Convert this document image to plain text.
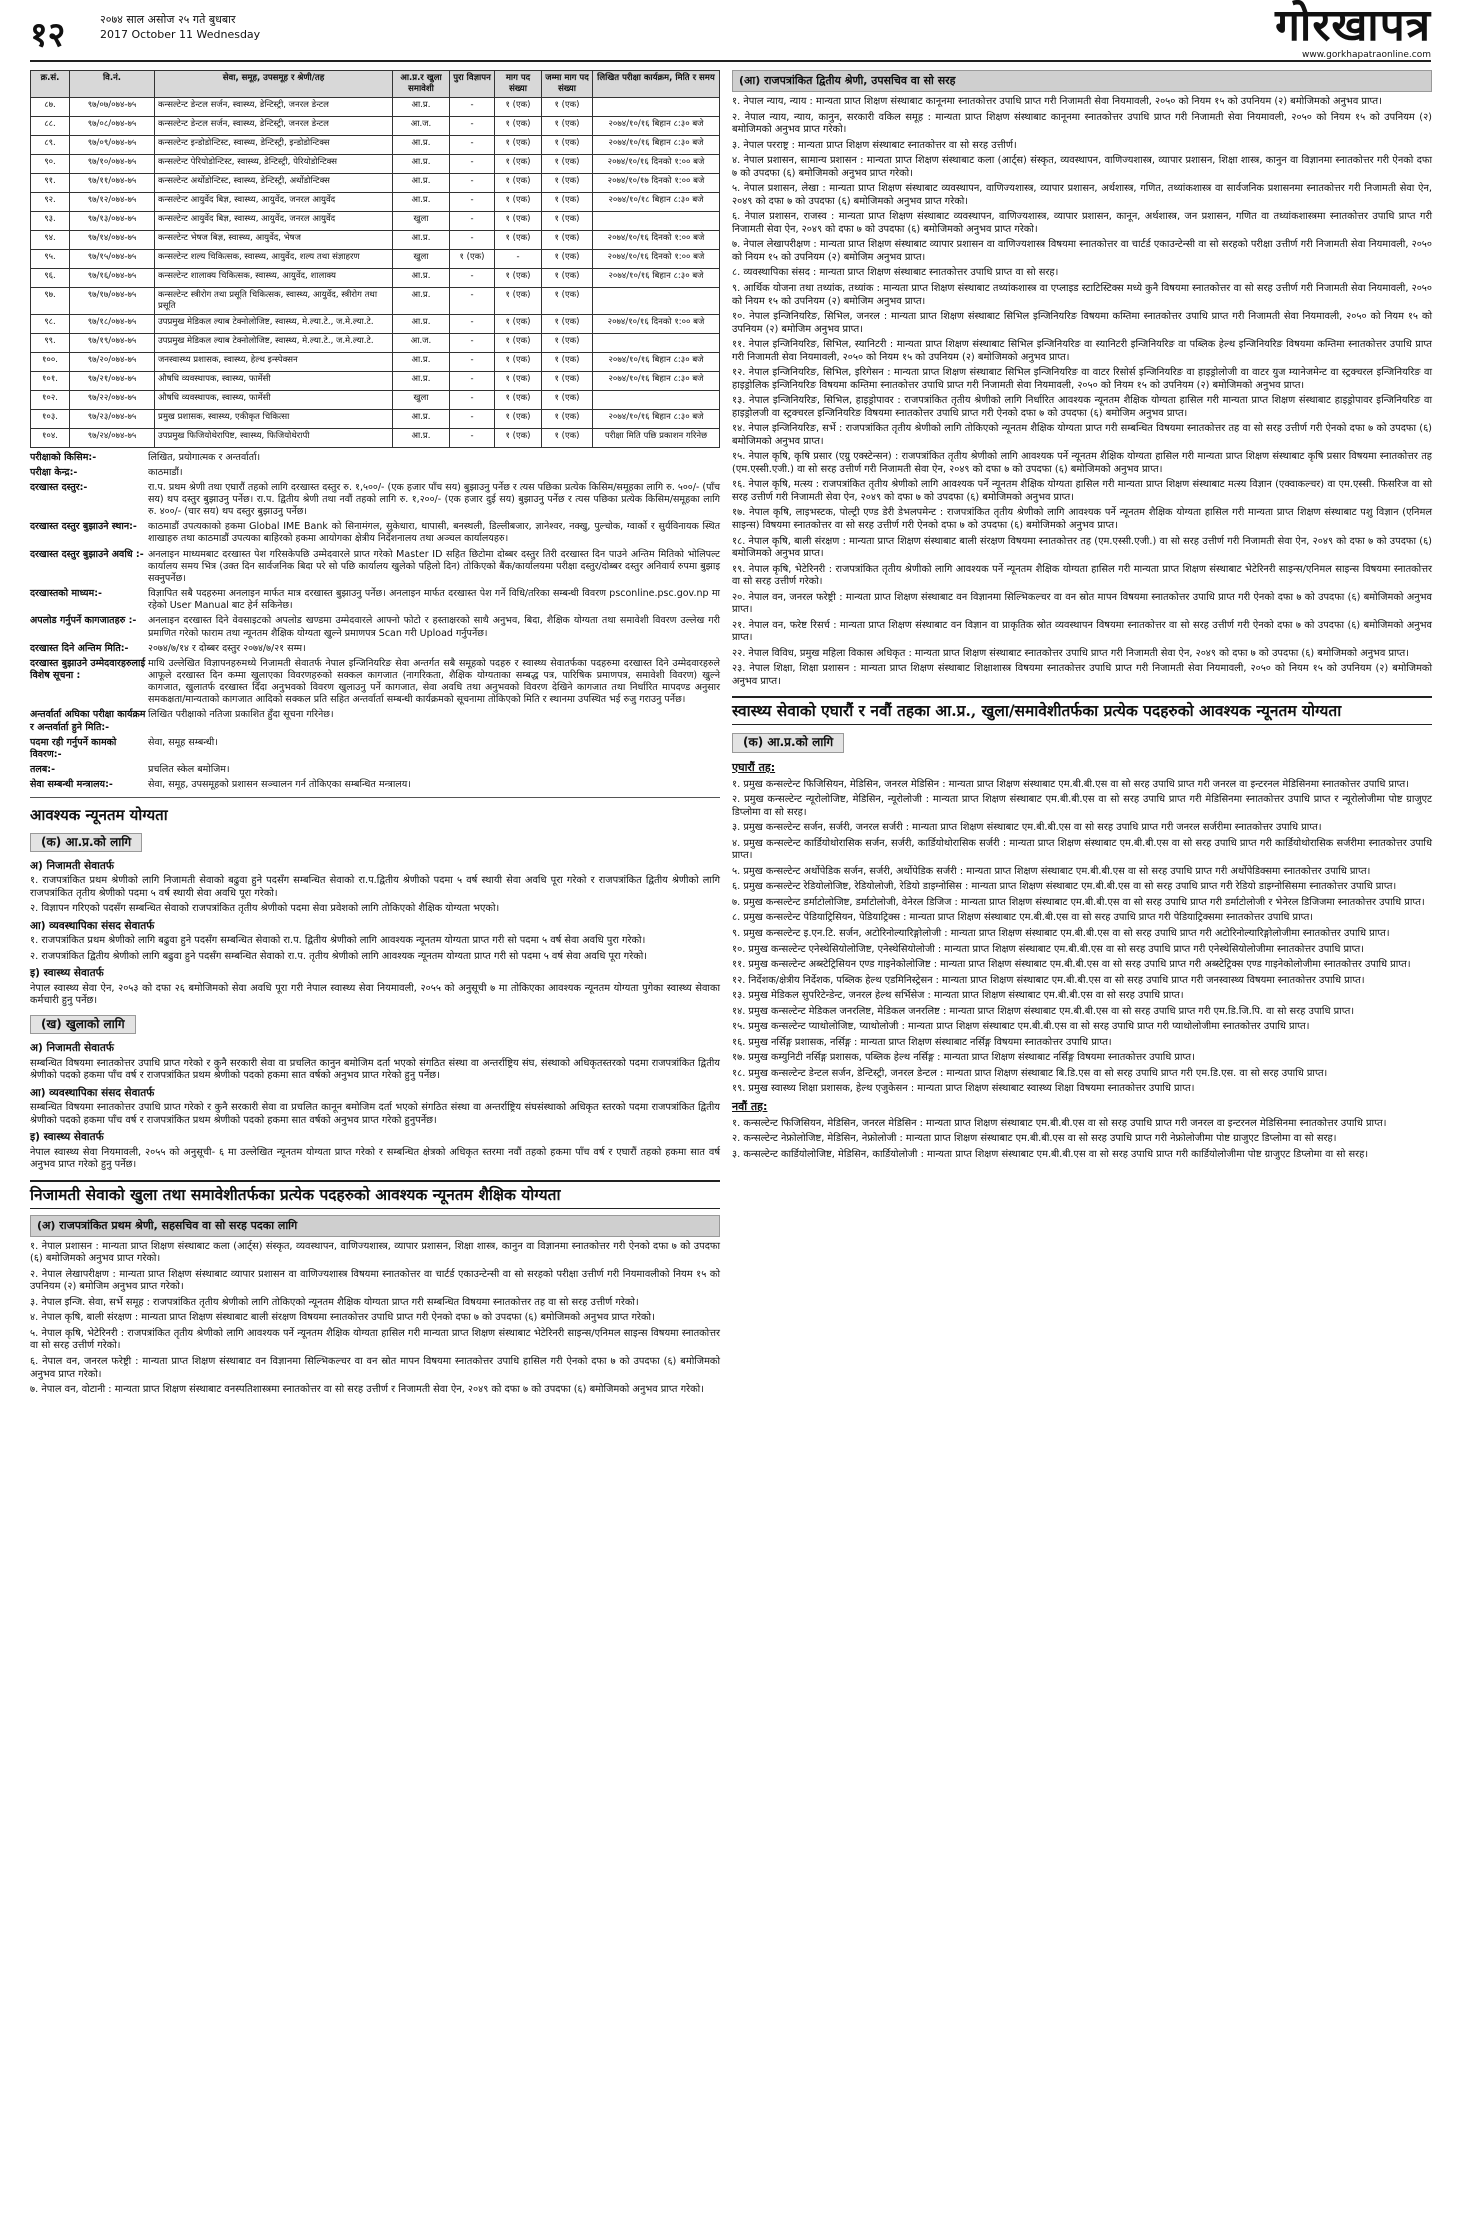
१२	२०७४ साल असोज २५ गते बुधबार
2017 October 11 Wednesday	गोरखापत्र
www.gorkhapatraonline.com
क्र.सं.	वि.नं.	सेवा, समूह, उपसमूह र श्रेणी/तह	आ.प्र.र खुला समावेशी	पुरा विज्ञापन	माग पद संख्या	जम्मा माग पद संख्या	लिखित परीक्षा कार्यक्रम, मिति र समय
८७.	९७/०७/०७४-७५	कन्सल्टेन्ट डेन्टल सर्जन, स्वास्थ्य, डेन्टिस्ट्री, जनरल डेन्टल	आ.प्र.	-	१ (एक)	१ (एक)	
८८.	९७/०८/०७४-७५	कन्सल्टेन्ट डेन्टल सर्जन, स्वास्थ्य, डेन्टिस्ट्री, जनरल डेन्टल	आ.ज.	-	१ (एक)	१ (एक)	२०७४/१०/१६ बिहान ८:३० बजे
८९.	९७/०९/०७४-७५	कन्सल्टेन्ट इन्डोडोन्टिस्ट, स्वास्थ्य, डेन्टिस्ट्री, इन्डोडोन्टिक्स	आ.प्र.	-	१ (एक)	१ (एक)	२०७४/१०/१६ बिहान ८:३० बजे
९०.	९७/१०/०७४-७५	कन्सल्टेन्ट पेरियोडोन्टिस्ट, स्वास्थ्य, डेन्टिस्ट्री, पेरियोडोन्टिक्स	आ.प्र.	-	१ (एक)	१ (एक)	२०७४/१०/१६ दिनको १:०० बजे
९१.	९७/११/०७४-७५	कन्सल्टेन्ट अर्थोडोन्टिस्ट, स्वास्थ्य, डेन्टिस्ट्री, अर्थोडोन्टिक्स	आ.प्र.	-	१ (एक)	१ (एक)	२०७४/१०/१७ दिनको १:०० बजे
९२.	९७/१२/०७४-७५	कन्सल्टेन्ट आयुर्वेद बिज्ञ, स्वास्थ्य, आयुर्वेद, जनरल आयुर्वेद	आ.प्र.	-	१ (एक)	१ (एक)	२०७४/१०/१८ बिहान ८:३० बजे
९३.	९७/१३/०७४-७५	कन्सल्टेन्ट आयुर्वेद बिज्ञ, स्वास्थ्य, आयुर्वेद, जनरल आयुर्वेद	खुला	-	१ (एक)	१ (एक)	
९४.	९७/१४/०७४-७५	कन्सल्टेन्ट भेषज बिज्ञ, स्वास्थ्य, आयुर्वेद, भेषज	आ.प्र.	-	१ (एक)	१ (एक)	२०७४/१०/१६ दिनको १:०० बजे
९५.	९७/१५/०७४-७५	कन्सल्टेन्ट शल्य चिकित्सक, स्वास्थ्य, आयुर्वेद, शल्य तथा संज्ञाहरण	खुला	१ (एक)	-	१ (एक)	२०७४/१०/१६ दिनको १:०० बजे
९६.	९७/१६/०७४-७५	कन्सल्टेन्ट शालाक्य चिकित्सक, स्वास्थ्य, आयुर्वेद, शालाक्य	आ.प्र.	-	१ (एक)	१ (एक)	२०७४/१०/१६ बिहान ८:३० बजे
९७.	९७/१७/०७४-७५	कन्सल्टेन्ट स्त्रीरोग तथा प्रसूति चिकित्सक, स्वास्थ्य, आयुर्वेद, स्त्रीरोग तथा प्रसूति	आ.प्र.	-	१ (एक)	१ (एक)	
९८.	९७/१८/०७४-७५	उपप्रमुख मेडिकल ल्याब टेक्नोलोजिष्ट, स्वास्थ्य, मे.ल्या.टे., ज.मे.ल्या.टे.	आ.प्र.	-	१ (एक)	१ (एक)	२०७४/१०/१६ दिनको १:०० बजे
९९.	९७/१९/०७४-७५	उपप्रमुख मेडिकल ल्याब टेक्नोलोजिष्ट, स्वास्थ्य, मे.ल्या.टे., ज.मे.ल्या.टे.	आ.ज.	-	१ (एक)	१ (एक)	
१००.	९७/२०/०७४-७५	जनस्वास्थ्य प्रशासक, स्वास्थ्य, हेल्थ इन्स्पेक्सन	आ.प्र.	-	१ (एक)	१ (एक)	२०७४/१०/१६ बिहान ८:३० बजे
१०१.	९७/२१/०७४-७५	औषधि व्यवस्थापक, स्वास्थ्य, फार्मेसी	आ.प्र.	-	१ (एक)	१ (एक)	२०७४/१०/१६ बिहान ८:३० बजे
१०२.	९७/२२/०७४-७५	औषधि व्यवस्थापक, स्वास्थ्य, फार्मेसी	खुला	-	१ (एक)	१ (एक)	
१०३.	९७/२३/०७४-७५	प्रमुख प्रशासक, स्वास्थ्य, एकीकृत चिकित्सा	आ.प्र.	-	१ (एक)	१ (एक)	२०७४/१०/१६ बिहान ८:३० बजे
१०४.	९७/२४/०७४-७५	उपप्रमुख फिजियोथेरापिष्ट, स्वास्थ्य, फिजियोथेरापी	आ.प्र.	-	१ (एक)	१ (एक)	परीक्षा मिति पछि प्रकाशन गरिनेछ
परीक्षाको किसिम:-	लिखित, प्रयोगात्मक र अन्तर्वार्ता।
परीक्षा केन्द्र:-	काठमाडौं।
दरखास्त दस्तुर:-	रा.प. प्रथम श्रेणी तथा एघारौं तहको लागि दरखास्त दस्तुर रु. १,५००/- (एक हजार पाँच सय) बुझाउनु पर्नेछ र त्यस पछिका प्रत्येक किसिम/समूहका लागि रु. ५००/- (पाँच सय) थप दस्तुर बुझाउनु पर्नेछ। रा.प. द्वितीय श्रेणी तथा नवौं तहको लागि रु. १,२००/- (एक हजार दुई सय) बुझाउनु पर्नेछ र त्यस पछिका प्रत्येक किसिम/समूहका लागि रु. ४००/- (चार सय) थप दस्तुर बुझाउनु पर्नेछ।
दरखास्त दस्तुर बुझाउने स्थान:-	काठमाडौं उपत्यकाको हकमा Global IME Bank को सिनामंगल, सुकेधारा, धापासी, बनस्थली, डिल्लीबजार, ज्ञानेश्वर, नक्खु, पुल्चोक, ग्वार्को र सुर्यविनायक स्थित शाखाहरु तथा काठमाडौं उपत्यका बाहिरको हकमा आयोगका क्षेत्रीय निर्देशनालय तथा अञ्चल कार्यालयहरु।
दरखास्त दस्तुर बुझाउने अवधि :- अनलाइन माध्यमबाट दरखास्त पेश गरिसकेपछि उम्मेदवारले प्राप्त गरेको Master ID सहित छिटोमा दोब्बर दस्तुर तिरी दरखास्त दिन पाउने अन्तिम मितिको भोलिपल्ट कार्यालय समय भित्र (उक्त दिन सार्वजनिक बिदा परे सो पछि कार्यालय खुलेको पहिलो दिन) तोकिएको बैंक/कार्यालयमा परीक्षा दस्तुर/दोब्बर दस्तुर अनिवार्य रुपमा बुझाइ सक्नुपर्नेछ।
दरखास्तको माध्यम:-	विज्ञापित सबै पदहरुमा अनलाइन मार्फत मात्र दरखास्त बुझाउनु पर्नेछ। अनलाइन मार्फत दरखास्त पेश गर्ने विधि/तरिका सम्बन्धी विवरण psconline.psc.gov.np मा रहेको User Manual बाट हेर्न सकिनेछ।
अपलोड गर्नुपर्ने कागजातहरु :-	अनलाइन दरखास्त दिने वेवसाइटको अपलोड खण्डमा उम्मेदवारले आफ्नो फोटो र हस्ताक्षरको साथै अनुभव, बिदा, शैक्षिक योग्यता तथा समावेशी विवरण उल्लेख गरी प्रमाणित गरेको फाराम तथा न्यूनतम शैक्षिक योग्यता खुल्ने प्रमाणपत्र Scan गरी Upload गर्नुपर्नेछ।
दरखास्त दिने अन्तिम मिति:-	२०७४/७/१४ र दोब्बर दस्तुर २०७४/७/२१ सम्म।
दरखास्त बुझाउने उम्मेदवारहरुलाई विशेष सूचना :
माथि उल्लेखित विज्ञापनहरुमध्ये निजामती सेवातर्फ नेपाल इन्जिनियरिङ सेवा अन्तर्गत सबै समूहको पदहरु र स्वास्थ्य सेवातर्फका पदहरुमा दरखास्त दिने उम्मेदवारहरुले आफूले दरखास्त दिन कम्मा खुलाएका विवरणहरुको सक्कल कागजात (नागरिकता, शैक्षिक योग्यताका सम्बद्ध पत्र, पारिषिक प्रमाणपत्र, समावेशी विवरण) खुल्ने कागजात, खुलातर्फ दरखास्त दिँदा अनुभवको विवरण खुलाउनु पर्ने कागजात, सेवा अवधि तथा अनुभवको विवरण देखिने कागजात तथा निर्धारित मापदण्ड अनुसार समकक्षता/मान्यताको कागजात आदिको सक्कल प्रति सहित अन्तर्वार्ता सम्बन्धी कार्यक्रमको सूचनामा तोकिएको मिति र स्थानमा उपस्थित भई रुजु गराउनु पर्नेछ।
अन्तर्वार्ता अघिका परीक्षा कार्यक्रम र अन्तर्वार्ता हुने मिति:-
लिखित परीक्षाको नतिजा प्रकाशित हुँदा सूचना गरिनेछ।
पदमा रही गर्नुपर्ने कामको विवरण:-
सेवा, समूह सम्बन्धी।
तलब:-	प्रचलित स्केल बमोजिम।
सेवा सम्बन्धी मन्त्रालय:-	सेवा, समूह, उपसमूहको प्रशासन सञ्चालन गर्न तोकिएका सम्बन्धित मन्त्रालय।
आवश्यक न्यूनतम योग्यता
(क) आ.प्र.को लागि
अ) निजामती सेवातर्फ

१. राजपत्रांकित प्रथम श्रेणीको लागि निजामती सेवाको बढुवा हुने पदसँग सम्बन्धित सेवाको रा.प.द्वितीय श्रेणीको पदमा ५ वर्ष स्थायी सेवा अवधि पूरा गरेको र राजपत्रांकित द्वितीय श्रेणीको लागि राजपत्रांकित तृतीय श्रेणीको पदमा ५ वर्ष स्थायी सेवा अवधि पूरा गरेको।

२. विज्ञापन गरिएको पदसँग सम्बन्धित सेवाको राजपत्रांकित तृतीय श्रेणीको पदमा सेवा प्रवेशको लागि तोकिएको शैक्षिक योग्यता भएको।

आ) व्यवस्थापिका संसद सेवातर्फ

१. राजपत्रांकित प्रथम श्रेणीको लागि बढुवा हुने पदसँग सम्बन्धित सेवाको रा.प. द्वितीय श्रेणीको लागि आवश्यक न्यूनतम योग्यता प्राप्त गरी सो पदमा ५ वर्ष सेवा अवधि पुरा गरेको।

२. राजपत्रांकित द्वितीय श्रेणीको लागि बढुवा हुने पदसँग सम्बन्धित सेवाको रा.प. तृतीय श्रेणीको लागि आवश्यक न्यूनतम योग्यता प्राप्त गरी सो पदमा ५ वर्ष सेवा अवधि पूरा गरेको।

इ) स्वास्थ्य सेवातर्फ

नेपाल स्वास्थ्य सेवा ऐन, २०५३ को दफा २६ बमोजिमको सेवा अवधि पूरा गरी नेपाल स्वास्थ्य सेवा नियमावली, २०५५ को अनुसूची ७ मा तोकिएका आवश्यक न्यूनतम योग्यता पुगेका स्वास्थ्य सेवाका कर्मचारी हुनु पर्नेछ।

(ख) खुलाको लागि
अ) निजामती सेवातर्फ

सम्बन्धित विषयमा स्नातकोत्तर उपाधि प्राप्त गरेको र कुनै सरकारी सेवा वा प्रचलित कानुन बमोजिम दर्ता भएको संगठित संस्था वा अन्तर्राष्ट्रिय संघ, संस्थाको अधिकृतस्तरको पदमा राजपत्रांकित द्वितीय श्रेणीको पदको हकमा पाँच वर्ष र राजपत्रांकित प्रथम श्रेणीको पदको हकमा सात वर्षको अनुभव प्राप्त गरेको हुनु पर्नेछ।

आ) व्यवस्थापिका संसद सेवातर्फ

सम्बन्धित विषयमा स्नातकोत्तर उपाधि प्राप्त गरेको र कुनै सरकारी सेवा वा प्रचलित कानून बमोजिम दर्ता भएको संगठित संस्था वा अन्तर्राष्ट्रिय संघसंस्थाको अधिकृत स्तरको पदमा राजपत्रांकित द्वितीय श्रेणीको पदको हकमा पाँच वर्ष र राजपत्रांकित प्रथम श्रेणीको पदको हकमा सात वर्षको अनुभव प्राप्त गरेको हुनुपर्नेछ।

इ) स्वास्थ्य सेवातर्फ

नेपाल स्वास्थ्य सेवा नियमावली, २०५५ को अनुसूची- ६ मा उल्लेखित न्यूनतम योग्यता प्राप्त गरेको र सम्बन्धित क्षेत्रको अधिकृत स्तरमा नवौं तहको हकमा पाँच वर्ष र एघारौं तहको हकमा सात वर्ष अनुभव प्राप्त गरेको हुनु पर्नेछ।

निजामती सेवाको खुला तथा समावेशीतर्फका प्रत्येक पदहरुको आवश्यक न्यूनतम शैक्षिक योग्यता
(अ) राजपत्रांकित प्रथम श्रेणी, सहसचिव वा सो सरह पदका लागि

१. नेपाल प्रशासन : मान्यता प्राप्त शिक्षण संस्थाबाट कला (आर्ट्स) संस्कृत, व्यवस्थापन, वाणिज्यशास्त्र, व्यापार प्रशासन, शिक्षा शास्त्र, कानुन वा विज्ञानमा स्नातकोत्तर गरी ऐनको दफा ७ को उपदफा (६) बमोजिमको अनुभव प्राप्त गरेको।

२. नेपाल लेखापरीक्षण : मान्यता प्राप्त शिक्षण संस्थाबाट व्यापार प्रशासन वा वाणिज्यशास्त्र विषयमा स्नातकोत्तर वा चार्टर्ड एकाउन्टेन्सी वा सो सरहको परीक्षा उत्तीर्ण गरी नियमावलीको नियम १५ को उपनियम (२) बमोजिम अनुभव प्राप्त गरेको।

३. नेपाल इन्जि. सेवा, सर्भे समूह : राजपत्रांकित तृतीय श्रेणीको लागि तोकिएको न्यूनतम शैक्षिक योग्यता प्राप्त गरी सम्बन्धित विषयमा स्नातकोत्तर तह वा सो सरह उत्तीर्ण गरेको।

४. नेपाल कृषि, बाली संरक्षण : मान्यता प्राप्त शिक्षण संस्थाबाट बाली संरक्षण विषयमा स्नातकोत्तर उपाधि प्राप्त गरी ऐनको दफा ७ को उपदफा (६) बमोजिमको अनुभव प्राप्त गरेको।

५. नेपाल कृषि, भेटेरिनरी : राजपत्रांकित तृतीय श्रेणीको लागि आवश्यक पर्ने न्यूनतम शैक्षिक योग्यता हासिल गरी मान्यता प्राप्त शिक्षण संस्थाबाट भेटेरिनरी साइन्स/एनिमल साइन्स विषयमा स्नातकोत्तर वा सो सरह उत्तीर्ण गरेको।

६. नेपाल वन, जनरल फरेष्ट्री : मान्यता प्राप्त शिक्षण संस्थाबाट वन विज्ञानमा सिल्भिकल्चर वा वन स्रोत मापन विषयमा स्नातकोत्तर उपाधि हासिल गरी ऐनको दफा ७ को उपदफा (६) बमोजिमको अनुभव प्राप्त गरेको।

७. नेपाल वन, वोटानी : मान्यता प्राप्त शिक्षण संस्थाबाट वनस्पतिशास्त्रमा स्नातकोत्तर वा सो सरह उत्तीर्ण र निजामती सेवा ऐन, २०४९ को दफा ७ को उपदफा (६) बमोजिमको अनुभव प्राप्त गरेको।

(आ) राजपत्रांकित द्वितीय श्रेणी, उपसचिव वा सो सरह

१. नेपाल न्याय, न्याय : मान्यता प्राप्त शिक्षण संस्थाबाट कानूनमा स्नातकोत्तर उपाधि प्राप्त गरी निजामती सेवा नियमावली, २०५० को नियम १५ को उपनियम (२) बमोजिमको अनुभव प्राप्त।

२. नेपाल न्याय, न्याय, कानुन, सरकारी वकिल समूह : मान्यता प्राप्त शिक्षण संस्थाबाट कानूनमा स्नातकोत्तर उपाधि प्राप्त गरी निजामती सेवा नियमावली, २०५० को नियम १५ को उपनियम (२) बमोजिमको अनुभव प्राप्त गरेको।

३. नेपाल परराष्ट्र : मान्यता प्राप्त शिक्षण संस्थाबाट स्नातकोत्तर वा सो सरह उत्तीर्ण।

४. नेपाल प्रशासन, सामान्य प्रशासन : मान्यता प्राप्त शिक्षण संस्थाबाट कला (आर्ट्स) संस्कृत, व्यवस्थापन, वाणिज्यशास्त्र, व्यापार प्रशासन, शिक्षा शास्त्र, कानुन वा विज्ञानमा स्नातकोत्तर गरी ऐनको दफा ७ को उपदफा (६) बमोजिमको अनुभव प्राप्त गरेको।

५. नेपाल प्रशासन, लेखा : मान्यता प्राप्त शिक्षण संस्थाबाट व्यवस्थापन, वाणिज्यशास्त्र, व्यापार प्रशासन, अर्थशास्त्र, गणित, तथ्यांकशास्त्र वा सार्वजनिक प्रशासनमा स्नातकोत्तर गरी निजामती सेवा ऐन, २०४९ को दफा ७ को उपदफा (६) बमोजिमको अनुभव प्राप्त गरेको।

६. नेपाल प्रशासन, राजस्व : मान्यता प्राप्त शिक्षण संस्थाबाट व्यवस्थापन, वाणिज्यशास्त्र, व्यापार प्रशासन, कानून, अर्थशास्त्र, जन प्रशासन, गणित वा तथ्यांकशास्त्रमा स्नातकोत्तर उपाधि प्राप्त गरी निजामती सेवा ऐन, २०४९ को दफा ७ को उपदफा (६) बमोजिमको अनुभव प्राप्त गरेको।

७. नेपाल लेखापरीक्षण : मान्यता प्राप्त शिक्षण संस्थाबाट व्यापार प्रशासन वा वाणिज्यशास्त्र विषयमा स्नातकोत्तर वा चार्टर्ड एकाउन्टेन्सी वा सो सरहको परीक्षा उत्तीर्ण गरी निजामती सेवा नियमावली, २०५० को नियम १५ को उपनियम (२) बमोजिम अनुभव प्राप्त।

८. व्यवस्थापिका संसद : मान्यता प्राप्त शिक्षण संस्थाबाट स्नातकोत्तर उपाधि प्राप्त वा सो सरह।

९. आर्थिक योजना तथा तथ्यांक, तथ्यांक : मान्यता प्राप्त शिक्षण संस्थाबाट तथ्यांकशास्त्र वा एप्लाइड स्टाटिस्टिक्स मध्ये कुनै विषयमा स्नातकोत्तर वा सो सरह उत्तीर्ण गरी निजामती सेवा नियमावली, २०५० को नियम १५ को उपनियम (२) बमोजिम अनुभव प्राप्त।

१०. नेपाल इन्जिनियरिङ, सिभिल, जनरल : मान्यता प्राप्त शिक्षण संस्थाबाट सिभिल इन्जिनियरिङ विषयमा कम्तिमा स्नातकोत्तर उपाधि प्राप्त गरी निजामती सेवा नियमावली, २०५० को नियम १५ को उपनियम (२) बमोजिम अनुभव प्राप्त।

११. नेपाल इन्जिनियरिङ, सिभिल, स्यानिटरी : मान्यता प्राप्त शिक्षण संस्थाबाट सिभिल इन्जिनियरिङ वा स्यानिटरी इन्जिनियरिङ वा पब्लिक हेल्थ इन्जिनियरिङ विषयमा कम्तिमा स्नातकोत्तर उपाधि प्राप्त गरी निजामती सेवा नियमावली, २०५० को नियम १५ को उपनियम (२) बमोजिमको अनुभव प्राप्त।

१२. नेपाल इन्जिनियरिङ, सिभिल, इरिगेसन : मान्यता प्राप्त शिक्षण संस्थाबाट सिभिल इन्जिनियरिङ वा वाटर रिसोर्स इन्जिनियरिङ वा हाइड्रोलोजी वा वाटर युज म्यानेजमेन्ट वा स्ट्रक्चरल इन्जिनियरिङ वा हाइड्रोलिक इन्जिनियरिङ विषयमा कम्तिमा स्नातकोत्तर उपाधि प्राप्त गरी निजामती सेवा नियमावली, २०५० को नियम १५ को उपनियम (२) बमोजिमको अनुभव प्राप्त।

१३. नेपाल इन्जिनियरिङ, सिभिल, हाइड्रोपावर : राजपत्रांकित तृतीय श्रेणीको लागि निर्धारित आवश्यक न्यूनतम शैक्षिक योग्यता हासिल गरी मान्यता प्राप्त शिक्षण संस्थाबाट हाइड्रोपावर इन्जिनियरिङ वा हाइड्रोलजी वा स्ट्रक्चरल इन्जिनियरिङ विषयमा स्नातकोत्तर उपाधि प्राप्त गरी ऐनको दफा ७ को उपदफा (६) बमोजिम अनुभव प्राप्त।

१४. नेपाल इन्जिनियरिङ, सर्भे : राजपत्रांकित तृतीय श्रेणीको लागि तोकिएको न्यूनतम शैक्षिक योग्यता प्राप्त गरी सम्बन्धित विषयमा स्नातकोत्तर तह वा सो सरह उत्तीर्ण गरी ऐनको दफा ७ को उपदफा (६) बमोजिमको अनुभव प्राप्त।

१५. नेपाल कृषि, कृषि प्रसार (एग्रु एक्स्टेन्सन) : राजपत्रांकित तृतीय श्रेणीको लागि आवश्यक पर्ने न्यूनतम शैक्षिक योग्यता हासिल गरी मान्यता प्राप्त शिक्षण संस्थाबाट कृषि प्रसार विषयमा स्नातकोत्तर तह (एम.एस्सी.एजी.) वा सो सरह उत्तीर्ण गरी निजामती सेवा ऐन, २०४९ को दफा ७ को उपदफा (६) बमोजिमको अनुभव प्राप्त।

१६. नेपाल कृषि, मत्स्य : राजपत्रांकित तृतीय श्रेणीको लागि आवश्यक पर्ने न्यूनतम शैक्षिक योग्यता हासिल गरी मान्यता प्राप्त शिक्षण संस्थाबाट मत्स्य विज्ञान (एक्वाकल्चर) वा एम.एस्सी. फिसरिज वा सो सरह उत्तीर्ण गरी निजामती सेवा ऐन, २०४९ को दफा ७ को उपदफा (६) बमोजिमको अनुभव प्राप्त।

१७. नेपाल कृषि, लाइभस्टक, पोल्ट्री एण्ड डेरी डेभलपमेन्ट : राजपत्रांकित तृतीय श्रेणीको लागि आवश्यक पर्ने न्यूनतम शैक्षिक योग्यता हासिल गरी मान्यता प्राप्त शिक्षण संस्थाबाट पशु विज्ञान (एनिमल साइन्स) विषयमा स्नातकोत्तर वा सो सरह उत्तीर्ण गरी ऐनको दफा ७ को उपदफा (६) बमोजिमको अनुभव प्राप्त।

१८. नेपाल कृषि, बाली संरक्षण : मान्यता प्राप्त शिक्षण संस्थाबाट बाली संरक्षण विषयमा स्नातकोत्तर तह (एम.एस्सी.एजी.) वा सो सरह उत्तीर्ण गरी निजामती सेवा ऐन, २०४९ को दफा ७ को उपदफा (६) बमोजिमको अनुभव प्राप्त।

१९. नेपाल कृषि, भेटेरिनरी : राजपत्रांकित तृतीय श्रेणीको लागि आवश्यक पर्ने न्यूनतम शैक्षिक योग्यता हासिल गरी मान्यता प्राप्त शिक्षण संस्थाबाट भेटेरिनरी साइन्स/एनिमल साइन्स विषयमा स्नातकोत्तर वा सो सरह उत्तीर्ण गरेको।

२०. नेपाल वन, जनरल फरेष्ट्री : मान्यता प्राप्त शिक्षण संस्थाबाट वन विज्ञानमा सिल्भिकल्चर वा वन स्रोत मापन विषयमा स्नातकोत्तर उपाधि प्राप्त गरी ऐनको दफा ७ को उपदफा (६) बमोजिमको अनुभव प्राप्त।

२१. नेपाल वन, फरेष्ट रिसर्च : मान्यता प्राप्त शिक्षण संस्थाबाट वन विज्ञान वा प्राकृतिक स्रोत व्यवस्थापन विषयमा स्नातकोत्तर वा सो सरह उत्तीर्ण गरी ऐनको दफा ७ को उपदफा (६) बमोजिमको अनुभव प्राप्त।

२२. नेपाल विविध, प्रमुख महिला विकास अधिकृत : मान्यता प्राप्त शिक्षण संस्थाबाट स्नातकोत्तर उपाधि प्राप्त गरी निजामती सेवा ऐन, २०४९ को दफा ७ को उपदफा (६) बमोजिमको अनुभव प्राप्त।

२३. नेपाल शिक्षा, शिक्षा प्रशासन : मान्यता प्राप्त शिक्षण संस्थाबाट शिक्षाशास्त्र विषयमा स्नातकोत्तर उपाधि प्राप्त गरी निजामती सेवा नियमावली, २०५० को नियम १५ को उपनियम (२) बमोजिमको अनुभव प्राप्त।

स्वास्थ्य सेवाको एघारौं र नवौं तहका आ.प्र., खुला/समावेशीतर्फका प्रत्येक पदहरुको आवश्यक न्यूनतम योग्यता
(क) आ.प्र.को लागि
एघारौं तह:

१. प्रमुख कन्सल्टेन्ट फिजिसियन, मेडिसिन, जनरल मेडिसिन : मान्यता प्राप्त शिक्षण संस्थाबाट एम.बी.बी.एस वा सो सरह उपाधि प्राप्त गरी जनरल वा इन्टरनल मेडिसिनमा स्नातकोत्तर उपाधि प्राप्त।

२. प्रमुख कन्सल्टेन्ट न्यूरोलोजिष्ट, मेडिसिन, न्यूरोलोजी : मान्यता प्राप्त शिक्षण संस्थाबाट एम.बी.बी.एस वा सो सरह उपाधि प्राप्त गरी मेडिसिनमा स्नातकोत्तर उपाधि प्राप्त र न्यूरोलोजीमा पोष्ट ग्राजुएट डिप्लोमा वा सो सरह।

३. प्रमुख कन्सल्टेन्ट सर्जन, सर्जरी, जनरल सर्जरी : मान्यता प्राप्त शिक्षण संस्थाबाट एम.बी.बी.एस वा सो सरह उपाधि प्राप्त गरी जनरल सर्जरीमा स्नातकोत्तर उपाधि प्राप्त।

४. प्रमुख कन्सल्टेन्ट कार्डियोथोरासिक सर्जन, सर्जरी, कार्डियोथोरासिक सर्जरी : मान्यता प्राप्त शिक्षण संस्थाबाट एम.बी.बी.एस वा सो सरह उपाधि प्राप्त गरी कार्डियोथोरासिक सर्जरीमा स्नातकोत्तर उपाधि प्राप्त।

५. प्रमुख कन्सल्टेन्ट अर्थोपेडिक सर्जन, सर्जरी, अर्थोपेडिक सर्जरी : मान्यता प्राप्त शिक्षण संस्थाबाट एम.बी.बी.एस वा सो सरह उपाधि प्राप्त गरी अर्थोपेडिक्समा स्नातकोत्तर उपाधि प्राप्त।

६. प्रमुख कन्सल्टेन्ट रेडियोलोजिष्ट, रेडियोलोजी, रेडियो डाइग्नोसिस : मान्यता प्राप्त शिक्षण संस्थाबाट एम.बी.बी.एस वा सो सरह उपाधि प्राप्त गरी रेडियो डाइग्नोसिसमा स्नातकोत्तर उपाधि प्राप्त।

७. प्रमुख कन्सल्टेन्ट डर्माटोलोजिष्ट, डर्माटोलोजी, वेनेरल डिजिज : मान्यता प्राप्त शिक्षण संस्थाबाट एम.बी.बी.एस वा सो सरह उपाधि प्राप्त गरी डर्माटोलोजी र भेनेरल डिजिजमा स्नातकोत्तर उपाधि प्राप्त।

८. प्रमुख कन्सल्टेन्ट पेडियाट्रिसियन, पेडियाट्रिक्स : मान्यता प्राप्त शिक्षण संस्थाबाट एम.बी.बी.एस वा सो सरह उपाधि प्राप्त गरी पेडियाट्रिक्समा स्नातकोत्तर उपाधि प्राप्त।

९. प्रमुख कन्सल्टेन्ट इ.एन.टि. सर्जन, अटोरिनोल्यारिङ्गोलोजी : मान्यता प्राप्त शिक्षण संस्थाबाट एम.बी.बी.एस वा सो सरह उपाधि प्राप्त गरी अटोरिनोल्यारिङ्गोलोजीमा स्नातकोत्तर उपाधि प्राप्त।

१०. प्रमुख कन्सल्टेन्ट एनेस्थेसियोलोजिष्ट, एनेस्थेसियोलोजी : मान्यता प्राप्त शिक्षण संस्थाबाट एम.बी.बी.एस वा सो सरह उपाधि प्राप्त गरी एनेस्थेसियोलोजीमा स्नातकोत्तर उपाधि प्राप्त।

११. प्रमुख कन्सल्टेन्ट अब्स्टेट्रिसियन एण्ड गाइनेकोलोजिष्ट : मान्यता प्राप्त शिक्षण संस्थाबाट एम.बी.बी.एस वा सो सरह उपाधि प्राप्त गरी अब्स्टेट्रिक्स एण्ड गाइनेकोलोजीमा स्नातकोत्तर उपाधि प्राप्त।

१२. निर्देशक/क्षेत्रीय निर्देशक, पब्लिक हेल्थ एडमिनिस्ट्रेसन : मान्यता प्राप्त शिक्षण संस्थाबाट एम.बी.बी.एस वा सो सरह उपाधि प्राप्त गरी जनस्वास्थ्य विषयमा स्नातकोत्तर उपाधि प्राप्त।

१३. प्रमुख मेडिकल सुपरिटेन्डेन्ट, जनरल हेल्थ सर्भिसेज : मान्यता प्राप्त शिक्षण संस्थाबाट एम.बी.बी.एस वा सो सरह उपाधि प्राप्त।

१४. प्रमुख कन्सल्टेन्ट मेडिकल जनरलिष्ट, मेडिकल जनरलिष्ट : मान्यता प्राप्त शिक्षण संस्थाबाट एम.बी.बी.एस वा सो सरह उपाधि प्राप्त गरी एम.डि.जि.पि. वा सो सरह उपाधि प्राप्त।

१५. प्रमुख कन्सल्टेन्ट प्याथोलोजिष्ट, प्याथोलोजी : मान्यता प्राप्त शिक्षण संस्थाबाट एम.बी.बी.एस वा सो सरह उपाधि प्राप्त गरी प्याथोलोजीमा स्नातकोत्तर उपाधि प्राप्त।

१६. प्रमुख नर्सिङ्ग प्रशासक, नर्सिङ्ग : मान्यता प्राप्त शिक्षण संस्थाबाट नर्सिङ्ग विषयमा स्नातकोत्तर उपाधि प्राप्त।

१७. प्रमुख कम्युनिटी नर्सिङ्ग प्रशासक, पब्लिक हेल्थ नर्सिङ्ग : मान्यता प्राप्त शिक्षण संस्थाबाट नर्सिङ्ग विषयमा स्नातकोत्तर उपाधि प्राप्त।

१८. प्रमुख कन्सल्टेन्ट डेन्टल सर्जन, डेन्टिस्ट्री, जनरल डेन्टल : मान्यता प्राप्त शिक्षण संस्थाबाट बि.डि.एस वा सो सरह उपाधि प्राप्त गरी एम.डि.एस. वा सो सरह उपाधि प्राप्त।

१९. प्रमुख स्वास्थ्य शिक्षा प्रशासक, हेल्थ एजुकेसन : मान्यता प्राप्त शिक्षण संस्थाबाट स्वास्थ्य शिक्षा विषयमा स्नातकोत्तर उपाधि प्राप्त।

नवौं तह:

१. कन्सल्टेन्ट फिजिसियन, मेडिसिन, जनरल मेडिसिन : मान्यता प्राप्त शिक्षण संस्थाबाट एम.बी.बी.एस वा सो सरह उपाधि प्राप्त गरी जनरल वा इन्टरनल मेडिसिनमा स्नातकोत्तर उपाधि प्राप्त।

२. कन्सल्टेन्ट नेफ्रोलोजिष्ट, मेडिसिन, नेफ्रोलोजी : मान्यता प्राप्त शिक्षण संस्थाबाट एम.बी.बी.एस वा सो सरह उपाधि प्राप्त गरी नेफ्रोलोजीमा पोष्ट ग्राजुएट डिप्लोमा वा सो सरह।

३. कन्सल्टेन्ट कार्डियोलोजिष्ट, मेडिसिन, कार्डियोलोजी : मान्यता प्राप्त शिक्षण संस्थाबाट एम.बी.बी.एस वा सो सरह उपाधि प्राप्त गरी कार्डियोलोजीमा पोष्ट ग्राजुएट डिप्लोमा वा सो सरह।
